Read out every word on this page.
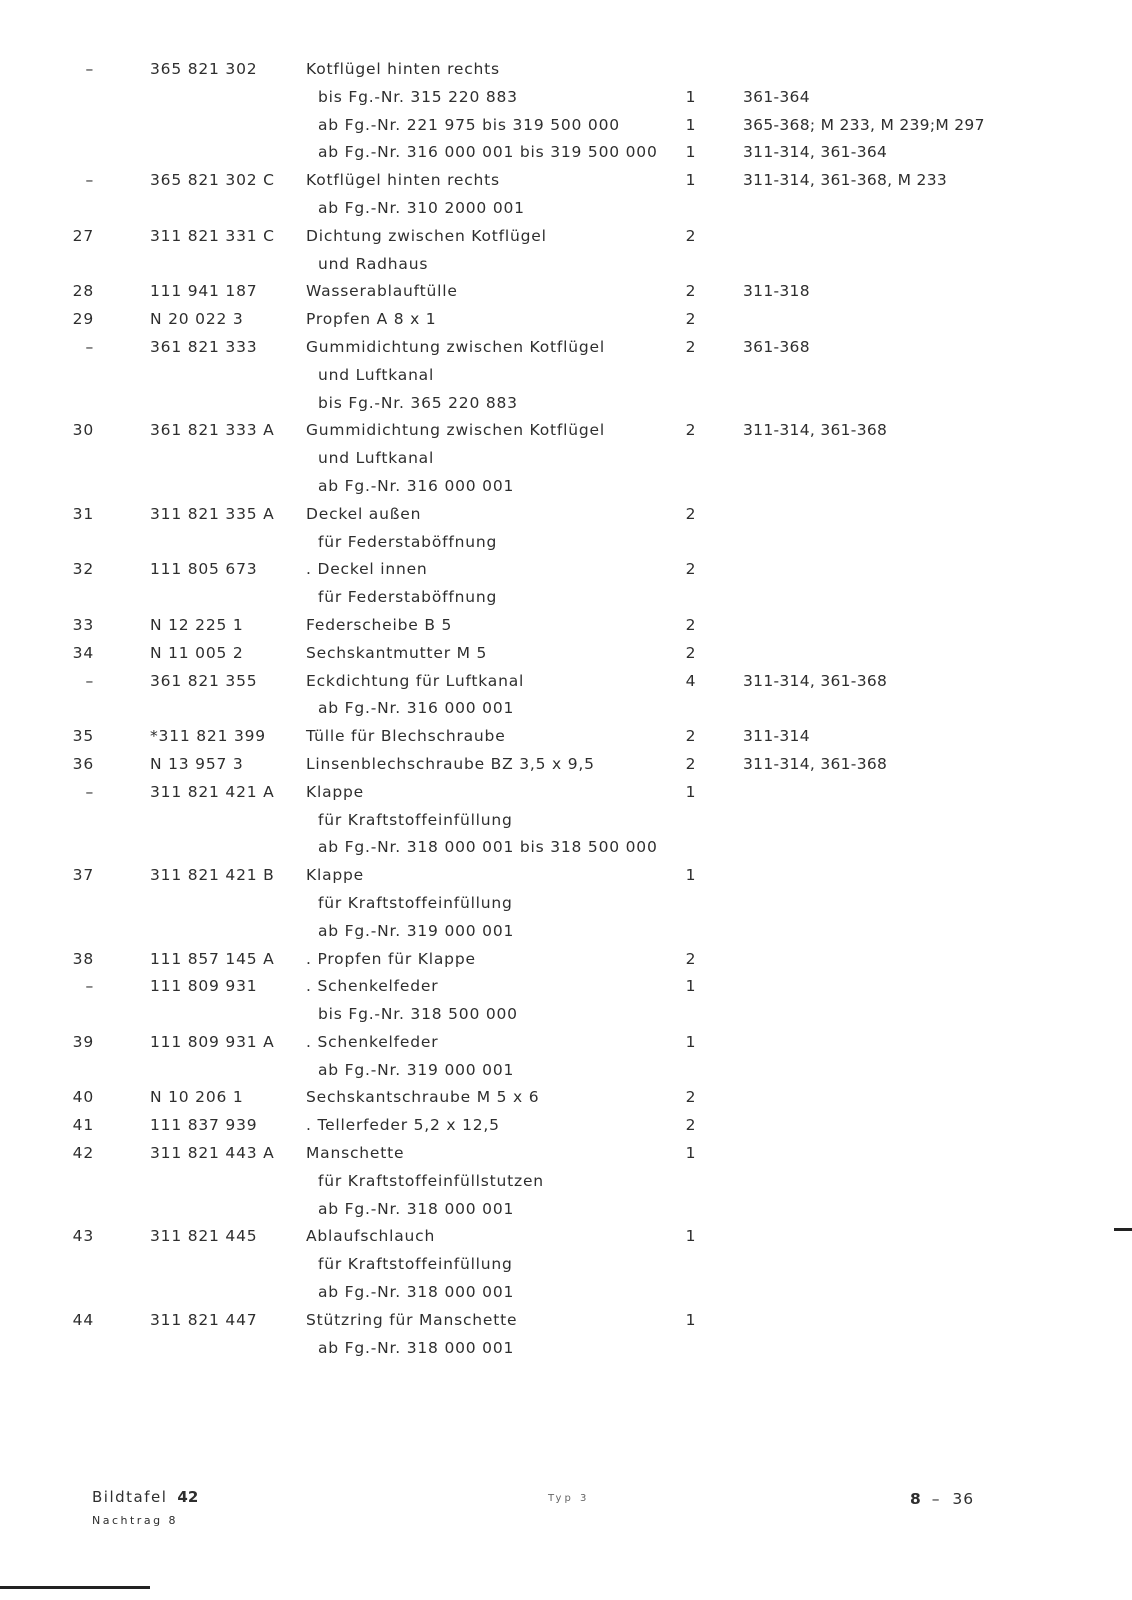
–	365 821 302	Kotflügel hinten rechts
bis Fg.-Nr. 315 220 883	1	361-364
ab Fg.-Nr. 221 975 bis 319 500 000	1	365-368; M 233, M 239;M 297
ab Fg.-Nr. 316 000 001 bis 319 500 000	1	311-314, 361-364
–	365 821 302 C	Kotflügel hinten rechts	1	311-314, 361-368, M 233
ab Fg.-Nr. 310 2000 001
27	311 821 331 C	Dichtung zwischen Kotflügel	2
und Radhaus
28	111 941 187	Wasserablauftülle	2	311-318
29	N 20 022 3	Propfen A 8 x 1	2
–	361 821 333	Gummidichtung zwischen Kotflügel	2	361-368
und Luftkanal
bis Fg.-Nr. 365 220 883
30	361 821 333 A	Gummidichtung zwischen Kotflügel	2	311-314, 361-368
und Luftkanal
ab Fg.-Nr. 316 000 001
31	311 821 335 A	Deckel außen	2
für Federstaböffnung
32	111 805 673	. Deckel innen	2
für Federstaböffnung
33	N 12 225 1	Federscheibe B 5	2
34	N 11 005 2	Sechskantmutter M 5	2
–	361 821 355	Eckdichtung für Luftkanal	4	311-314, 361-368
ab Fg.-Nr. 316 000 001
35	*311 821 399	Tülle für Blechschraube	2	311-314
36	N 13 957 3	Linsenblechschraube BZ 3,5 x 9,5	2	311-314, 361-368
–	311 821 421 A	Klappe	1
für Kraftstoffeinfüllung
ab Fg.-Nr. 318 000 001 bis 318 500 000
37	311 821 421 B	Klappe	1
für Kraftstoffeinfüllung
ab Fg.-Nr. 319 000 001
38	111 857 145 A	. Propfen für Klappe	2
–	111 809 931	. Schenkelfeder	1
bis Fg.-Nr. 318 500 000
39	111 809 931 A	. Schenkelfeder	1
ab Fg.-Nr. 319 000 001
40	N 10 206 1	Sechskantschraube M 5 x 6	2
41	111 837 939	. Tellerfeder 5,2 x 12,5	2
42	311 821 443 A	Manschette	1
für Kraftstoffeinfüllstutzen
ab Fg.-Nr. 318 000 001
43	311 821 445	Ablaufschlauch	1
für Kraftstoffeinfüllung
ab Fg.-Nr. 318 000 001
44	311 821 447	Stützring für Manschette	1
ab Fg.-Nr. 318 000 001
Bildtafel 42
Nachtrag 8
Typ 3	8 – 36
